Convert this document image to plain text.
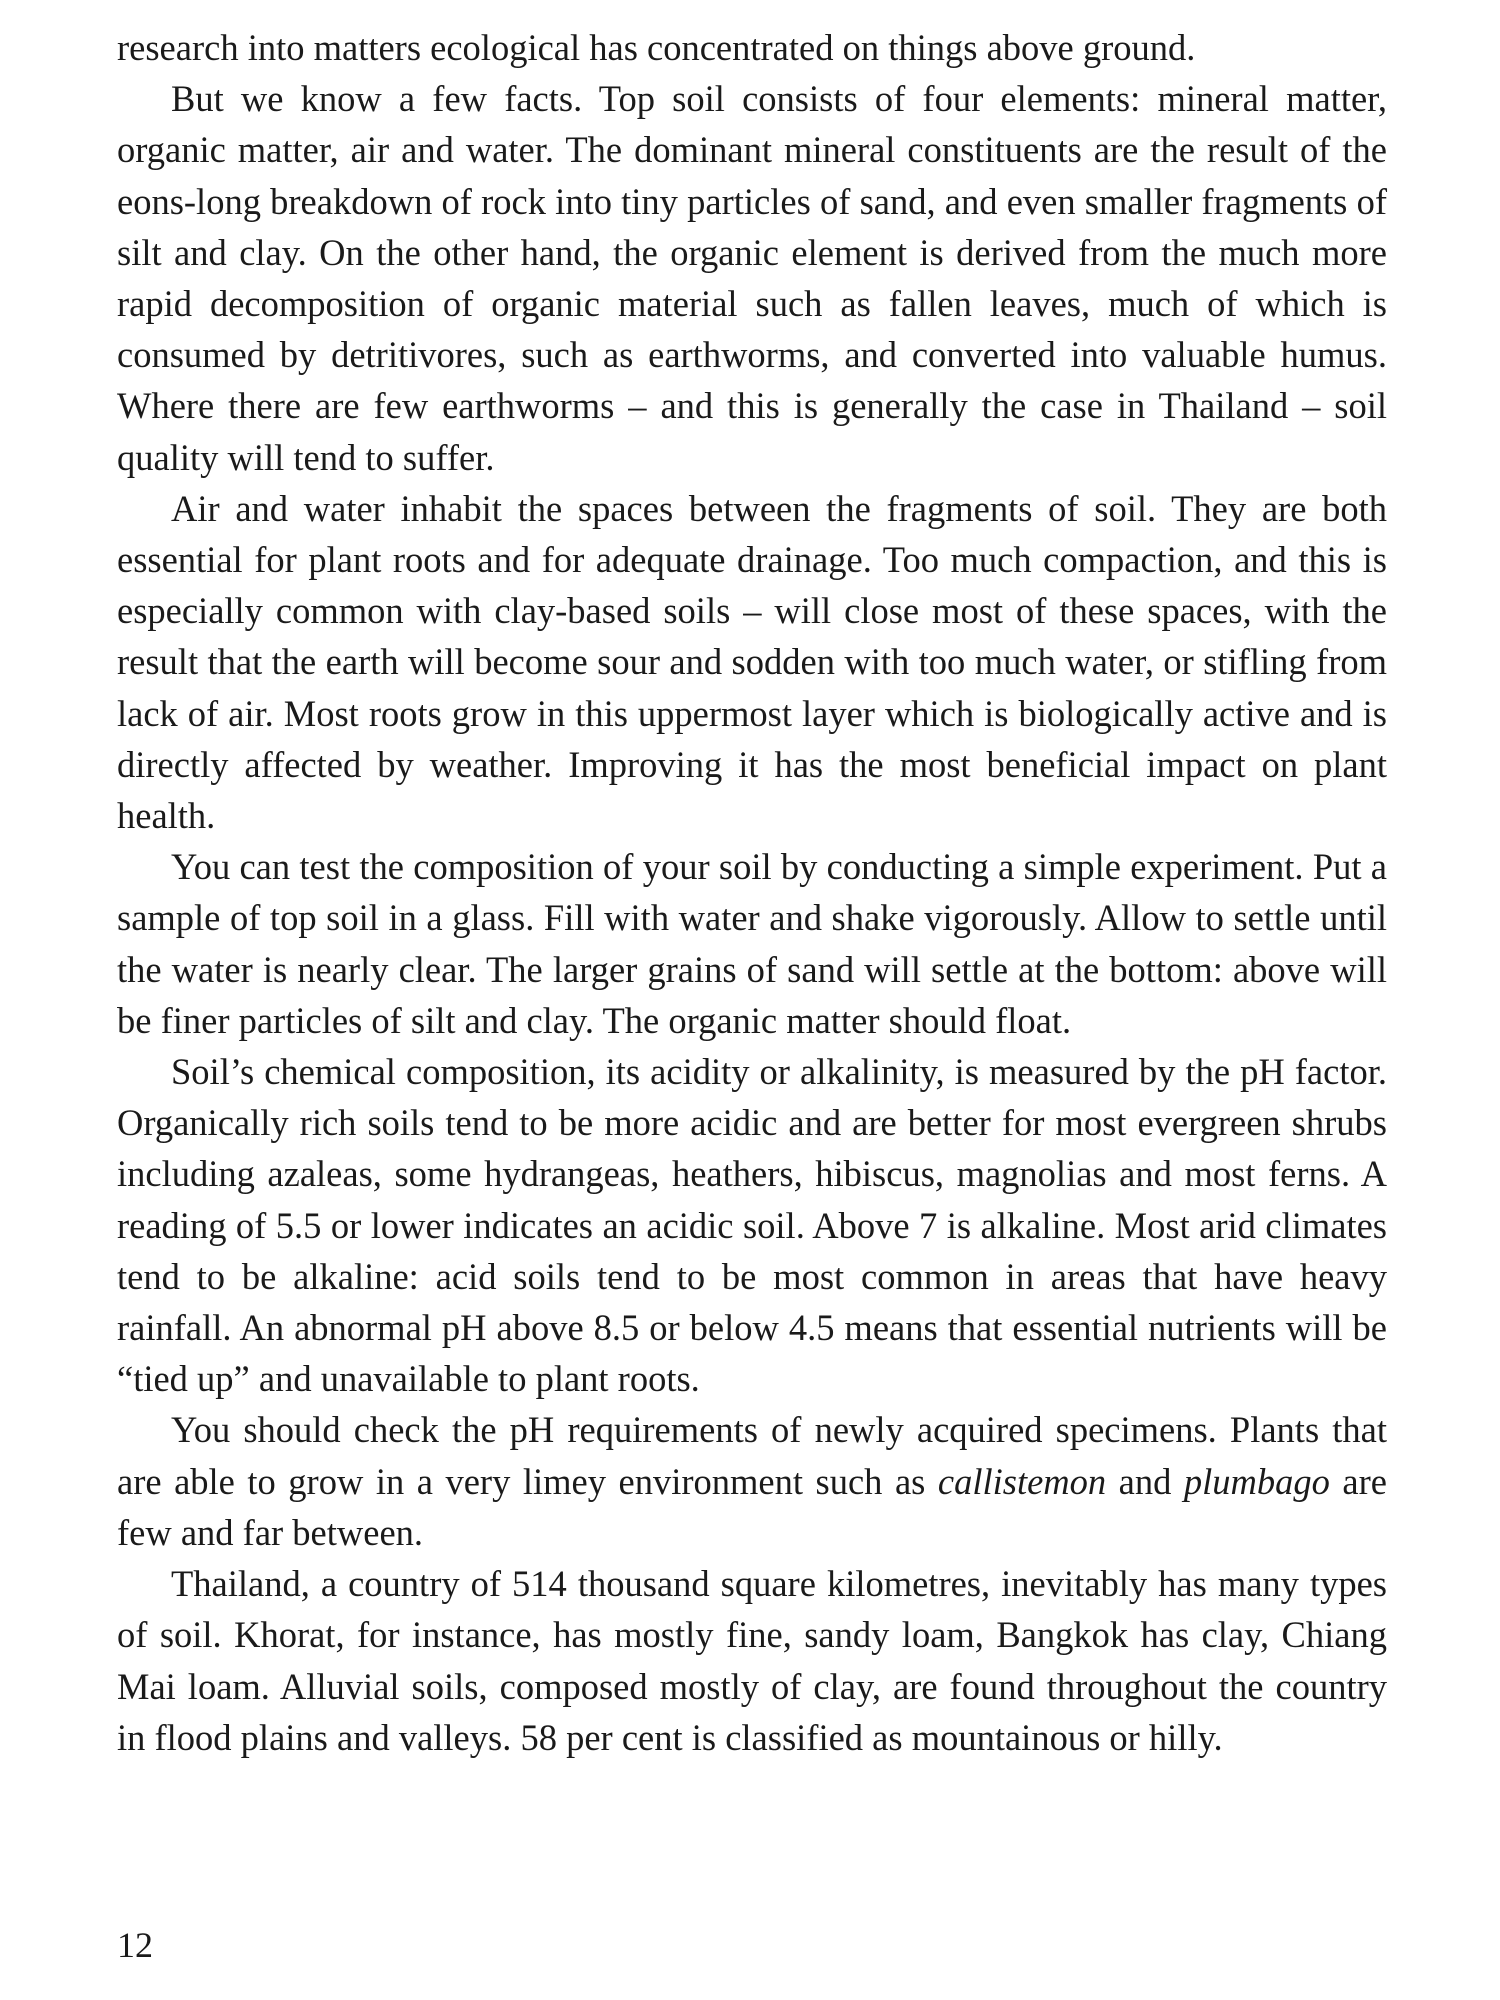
research into matters ecological has concentrated on things above ground.

But we know a few facts. Top soil consists of four elements: mineral matter, organic matter, air and water. The dominant mineral constituents are the result of the eons-long breakdown of rock into tiny particles of sand, and even smaller fragments of silt and clay. On the other hand, the organic element is derived from the much more rapid decomposition of organic material such as fallen leaves, much of which is consumed by detritivores, such as earthworms, and converted into valuable humus. Where there are few earthworms – and this is generally the case in Thailand – soil quality will tend to suffer.

Air and water inhabit the spaces between the fragments of soil. They are both essential for plant roots and for adequate drainage. Too much compaction, and this is especially common with clay-based soils – will close most of these spaces, with the result that the earth will become sour and sodden with too much water, or stifling from lack of air. Most roots grow in this uppermost layer which is biologically active and is directly affected by weather. Improving it has the most beneficial impact on plant health.

You can test the composition of your soil by conducting a simple experiment. Put a sample of top soil in a glass. Fill with water and shake vigorously. Allow to settle until the water is nearly clear. The larger grains of sand will settle at the bottom: above will be finer particles of silt and clay. The organic matter should float.

Soil’s chemical composition, its acidity or alkalinity, is measured by the pH factor. Organically rich soils tend to be more acidic and are better for most evergreen shrubs including azaleas, some hydrangeas, heathers, hibiscus, magnolias and most ferns. A reading of 5.5 or lower indicates an acidic soil. Above 7 is alkaline. Most arid climates tend to be alkaline: acid soils tend to be most common in areas that have heavy rainfall. An abnormal pH above 8.5 or below 4.5 means that essential nutrients will be “tied up” and unavailable to plant roots.

You should check the pH requirements of newly acquired specimens. Plants that are able to grow in a very limey environment such as callistemon and plumbago are few and far between.

Thailand, a country of 514 thousand square kilometres, inevitably has many types of soil. Khorat, for instance, has mostly fine, sandy loam, Bangkok has clay, Chiang Mai loam. Alluvial soils, composed mostly of clay, are found throughout the country in flood plains and valleys. 58 per cent is classified as mountainous or hilly.

12
